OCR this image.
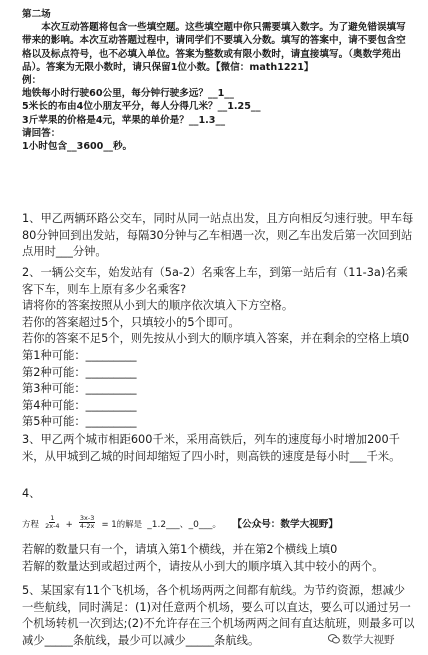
第二场

本次互动答题将包含一些填空题。这些填空题中你只需要填入数字。为了避免错误填写带来的影响。本次互动答题过程中，请同学们不要填入分数。填写的答案中，请不要包含空格以及标点符号，也不必填入单位。答案为整数或有限小数时，请直接填写。（奥数学苑出品）。答案为无限小数时，请只保留1位小数。【微信：math1221】

例：

地铁每小时行驶60公里，每分钟行驶多远？__1__

5米长的布由4位小朋友平分，每人分得几米？__1.25__

3斤苹果的价格是4元，苹果的单价是？__1.3__

请回答：

1小时包含__3600__秒。

1、甲乙两辆环路公交车，同时从同一站点出发，且方向相反匀速行驶。甲车每80分钟回到出发站，每隔30分钟与乙车相遇一次，则乙车出发后第一次回到站点用时___分钟。

2、一辆公交车，始发站有（5a-2）名乘客上车，到第一站后有（11-3a)名乘客下车，则车上原有多少名乘客?

请将你的答案按照从小到大的顺序依次填入下方空格。

若你的答案超过5个，只填较小的5个即可。

若你的答案不足5个，则先按从小到大的顺序填入答案，并在剩余的空格上填0

第1种可能：_________

第2种可能：_________

第3种可能：_________

第4种可能：_________

第5种可能：_________

3、甲乙两个城市相距600千米，采用高铁后，列车的速度每小时增加200千米，从甲城到乙城的时间却缩短了四小时，则高铁的速度是每小时___千米。

4、

方程 $\frac{1}{2x-4} + \frac{3x-3}{4-2x} = 1$的解是 _1.2___、_0___。 【公众号：数学大视野】

若解的数量只有一个，请填入第1个横线，并在第2个横线上填0

若解的数量达到或超过两个，请按从小到大的顺序填入其中较小的两个。

5、某国家有11个飞机场，各个机场两两之间都有航线。为节约资源，想减少一些航线，同时满足：(1)对任意两个机场，要么可以直达，要么可以通过另一个机场转机一次到达;(2)不允许存在三个机场两两之间有直达航班，则最多可以减少_____条航线，最少可以减少_____条航线。	数学大视野
